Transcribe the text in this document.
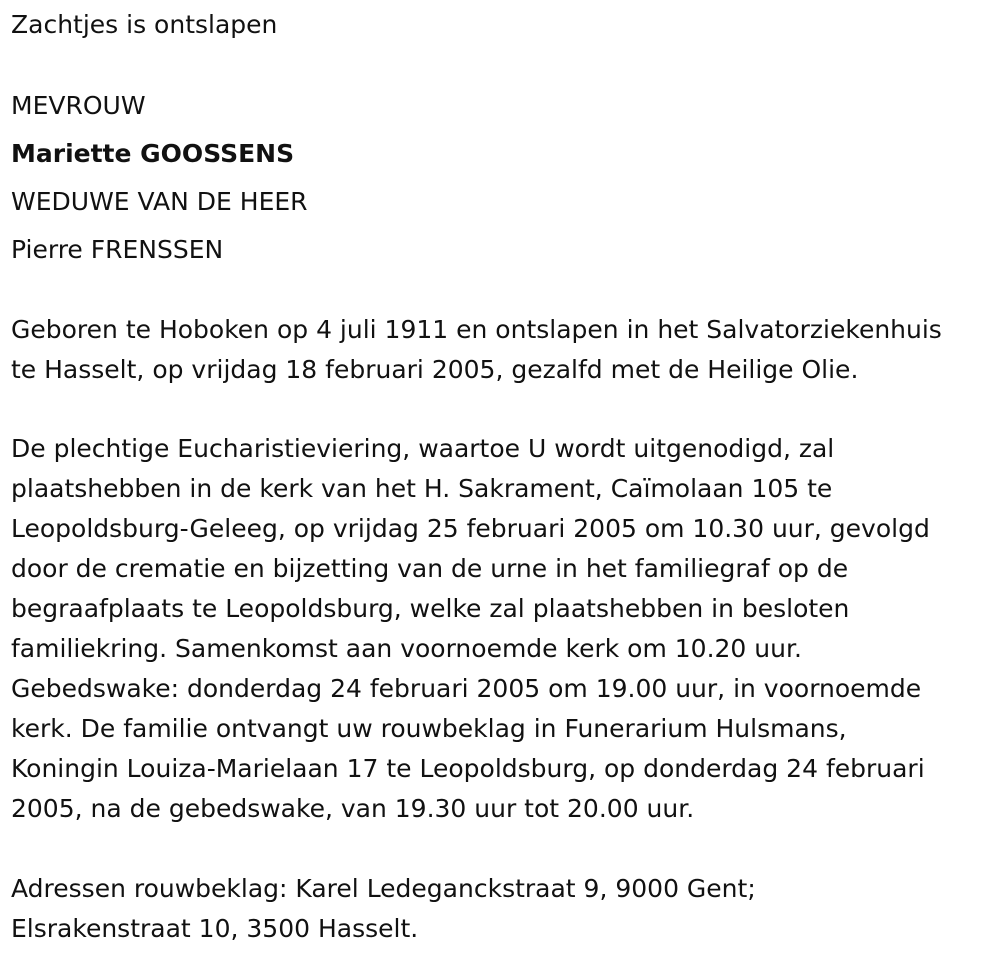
Zachtjes is ontslapen
MEVROUW
Mariette GOOSSENS
WEDUWE VAN DE HEER
Pierre FRENSSEN
Geboren te Hoboken op 4 juli 1911 en ontslapen in het Salvatorziekenhuis
te Hasselt, op vrijdag 18 februari 2005, gezalfd met de Heilige Olie.
De plechtige Eucharistieviering, waartoe U wordt uitgenodigd, zal
plaatshebben in de kerk van het H. Sakrament, Caïmolaan 105 te
Leopoldsburg-Geleeg, op vrijdag 25 februari 2005 om 10.30 uur, gevolgd
door de crematie en bijzetting van de urne in het familiegraf op de
begraafplaats te Leopoldsburg, welke zal plaatshebben in besloten
familiekring. Samenkomst aan voornoemde kerk om 10.20 uur.
Gebedswake: donderdag 24 februari 2005 om 19.00 uur, in voornoemde
kerk. De familie ontvangt uw rouwbeklag in Funerarium Hulsmans,
Koningin Louiza-Marielaan 17 te Leopoldsburg, op donderdag 24 februari
2005, na de gebedswake, van 19.30 uur tot 20.00 uur.
Adressen rouwbeklag: Karel Ledeganckstraat 9, 9000 Gent;
Elsrakenstraat 10, 3500 Hasselt.
